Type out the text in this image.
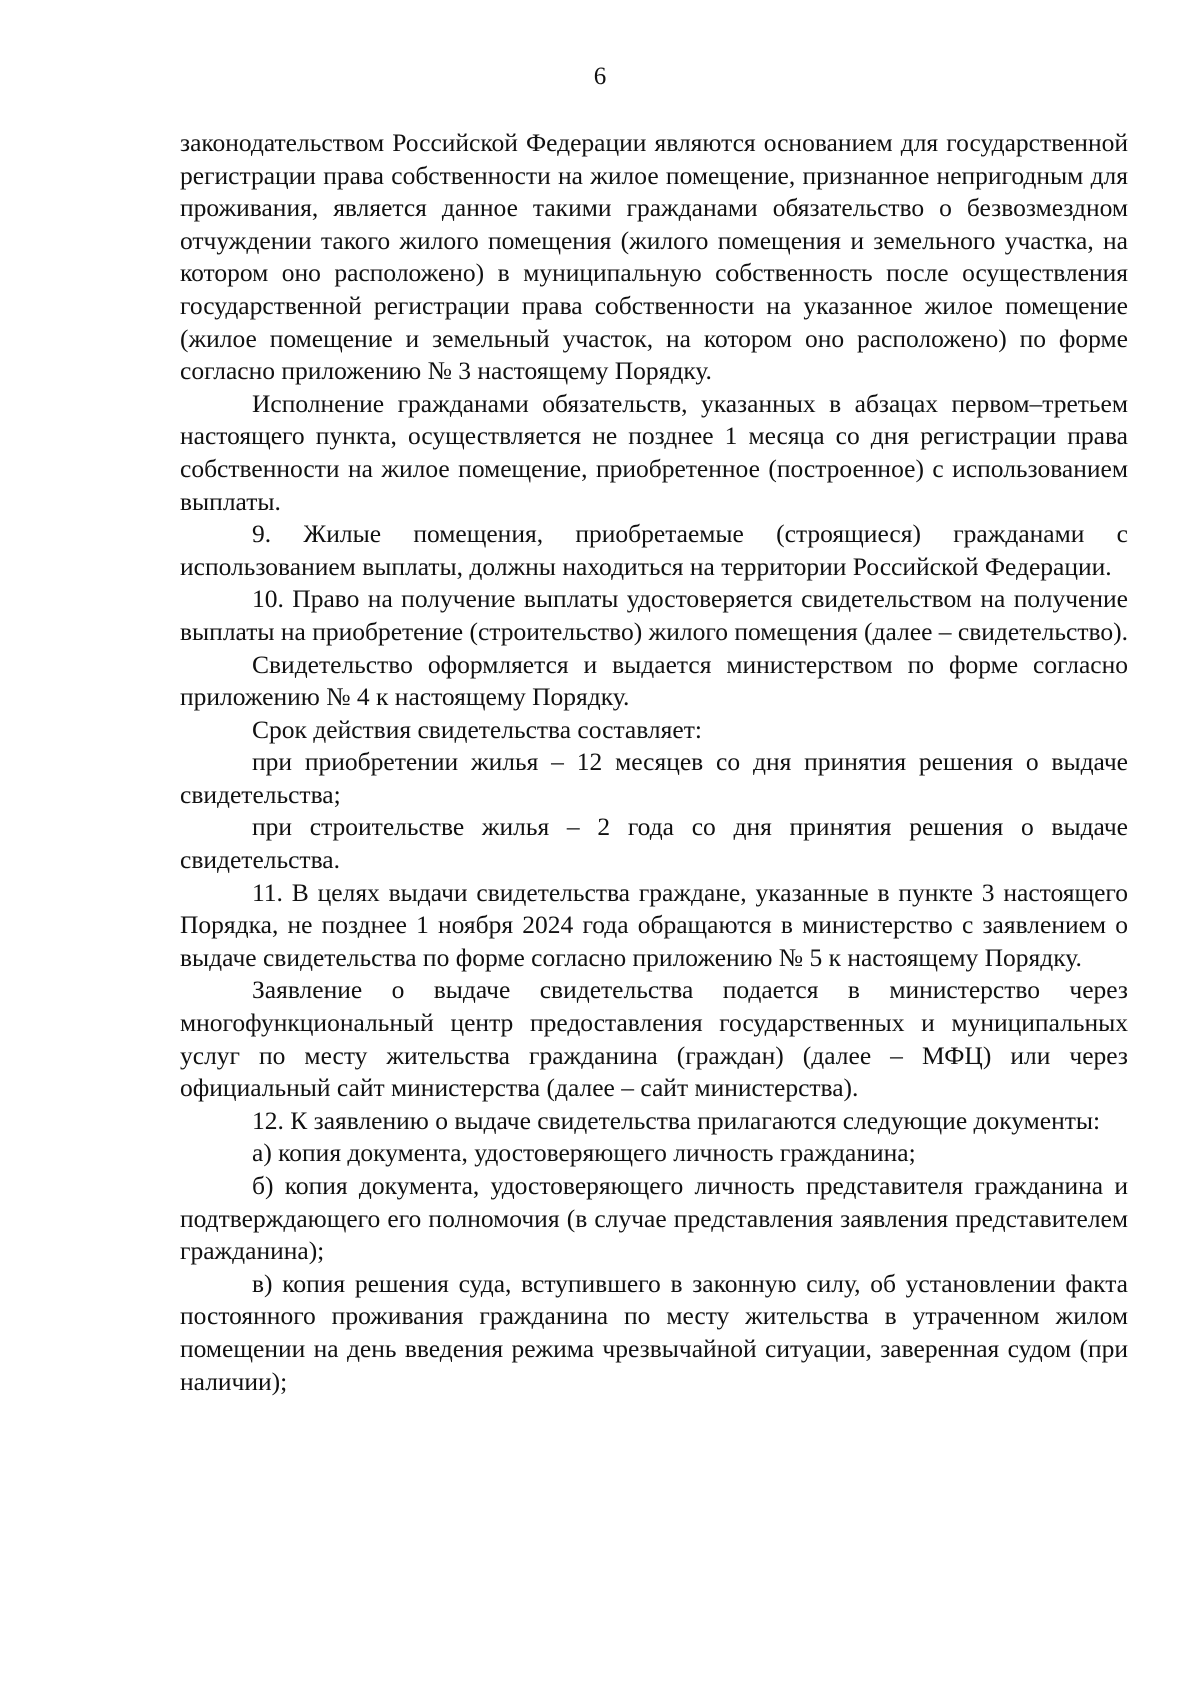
6

законодательством Российской Федерации являются основанием для государственной регистрации права собственности на жилое помещение, признанное непригодным для проживания, является данное такими гражданами обязательство о безвозмездном отчуждении такого жилого помещения (жилого помещения и земельного участка, на котором оно расположено) в муниципальную собственность после осуществления государственной регистрации права собственности на указанное жилое помещение (жилое помещение и земельный участок, на котором оно расположено) по форме согласно приложению № 3 настоящему Порядку.

Исполнение гражданами обязательств, указанных в абзацах первом–третьем настоящего пункта, осуществляется не позднее 1 месяца со дня регистрации права собственности на жилое помещение, приобретенное (построенное) с использованием выплаты.

9. Жилые помещения, приобретаемые (строящиеся) гражданами с использованием выплаты, должны находиться на территории Российской Федерации.

10. Право на получение выплаты удостоверяется свидетельством на получение выплаты на приобретение (строительство) жилого помещения (далее – свидетельство).

Свидетельство оформляется и выдается министерством по форме согласно приложению № 4 к настоящему Порядку.

Срок действия свидетельства составляет:

при приобретении жилья – 12 месяцев со дня принятия решения о выдаче свидетельства;

при строительстве жилья – 2 года со дня принятия решения о выдаче свидетельства.

11. В целях выдачи свидетельства граждане, указанные в пункте 3 настоящего Порядка, не позднее 1 ноября 2024 года обращаются в министерство с заявлением о выдаче свидетельства по форме согласно приложению № 5 к настоящему Порядку.

Заявление о выдаче свидетельства подается в министерство через многофункциональный центр предоставления государственных и муниципальных услуг по месту жительства гражданина (граждан) (далее – МФЦ) или через официальный сайт министерства (далее – сайт министерства).

12. К заявлению о выдаче свидетельства прилагаются следующие документы:

а) копия документа, удостоверяющего личность гражданина;

б) копия документа, удостоверяющего личность представителя гражданина и подтверждающего его полномочия (в случае представления заявления представителем гражданина);

в) копия решения суда, вступившего в законную силу, об установлении факта постоянного проживания гражданина по месту жительства в утраченном жилом помещении на день введения режима чрезвычайной ситуации, заверенная судом (при наличии);
